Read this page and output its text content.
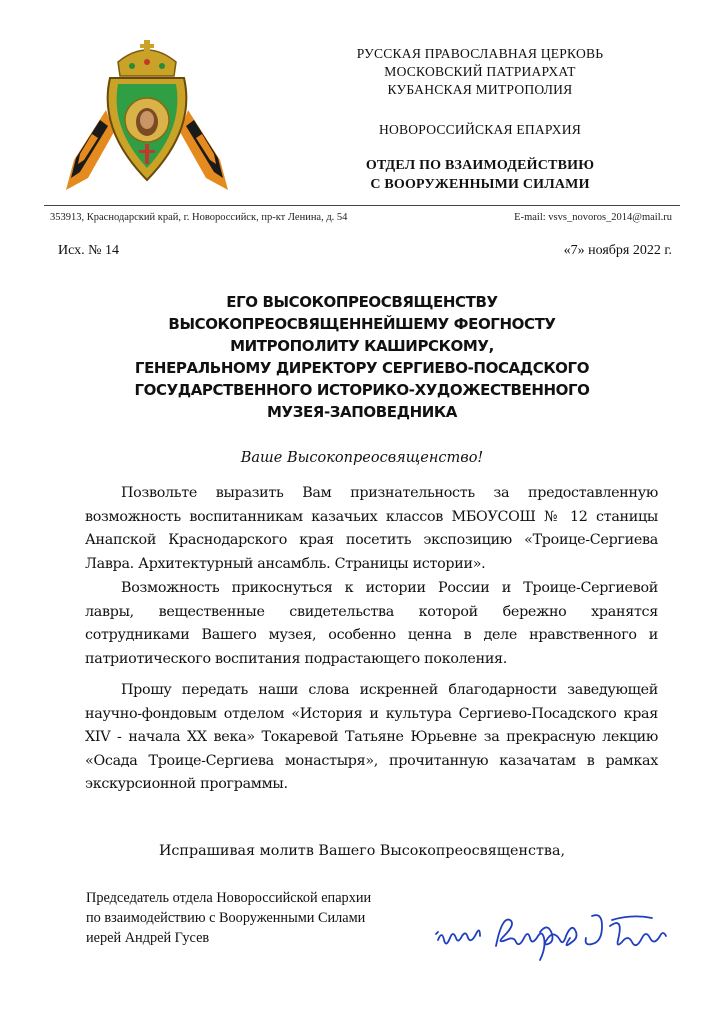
РУССКАЯ ПРАВОСЛАВНАЯ ЦЕРКОВЬ
МОСКОВСКИЙ ПАТРИАРХАТ
КУБАНСКАЯ МИТРОПОЛИЯ
НОВОРОССИЙСКАЯ ЕПАРХИЯ
ОТДЕЛ ПО ВЗАИМОДЕЙСТВИЮ
С ВООРУЖЕННЫМИ СИЛАМИ
353913, Краснодарский край, г. Новороссийск, пр-кт Ленина, д. 54	E-mail: vsvs_novoros_2014@mail.ru
Исх. № 14	«7» ноября 2022 г.
ЕГО ВЫСОКОПРЕОСВЯЩЕНСТВУ
ВЫСОКОПРЕОСВЯЩЕННЕЙШЕМУ ФЕОГНОСТУ
МИТРОПОЛИТУ КАШИРСКОМУ,
ГЕНЕРАЛЬНОМУ ДИРЕКТОРУ СЕРГИЕВО-ПОСАДСКОГО
ГОСУДАРСТВЕННОГО ИСТОРИКО-ХУДОЖЕСТВЕННОГО
МУЗЕЯ-ЗАПОВЕДНИКА
Ваше Высокопреосвященство!
Позвольте выразить Вам признательность за предоставленную возможность воспитанникам казачьих классов МБОУСОШ № 12 станицы Анапской Краснодарского края посетить экспозицию «Троице-Сергиева Лавра. Архитектурный ансамбль. Страницы истории».
Возможность прикоснуться к истории России и Троице-Сергиевой лавры, вещественные свидетельства которой бережно хранятся сотрудниками Вашего музея, особенно ценна в деле нравственного и патриотического воспитания подрастающего поколения.
Прошу передать наши слова искренней благодарности заведующей научно-фондовым отделом «История и культура Сергиево-Посадского края XIV - начала XX века» Токаревой Татьяне Юрьевне за прекрасную лекцию «Осада Троице-Сергиева монастыря», прочитанную казачатам в рамках экскурсионной программы.
Испрашивая молитв Вашего Высокопреосвященства,
Председатель отдела Новороссийской епархии
по взаимодействию с Вооруженными Силами
иерей Андрей Гусев
